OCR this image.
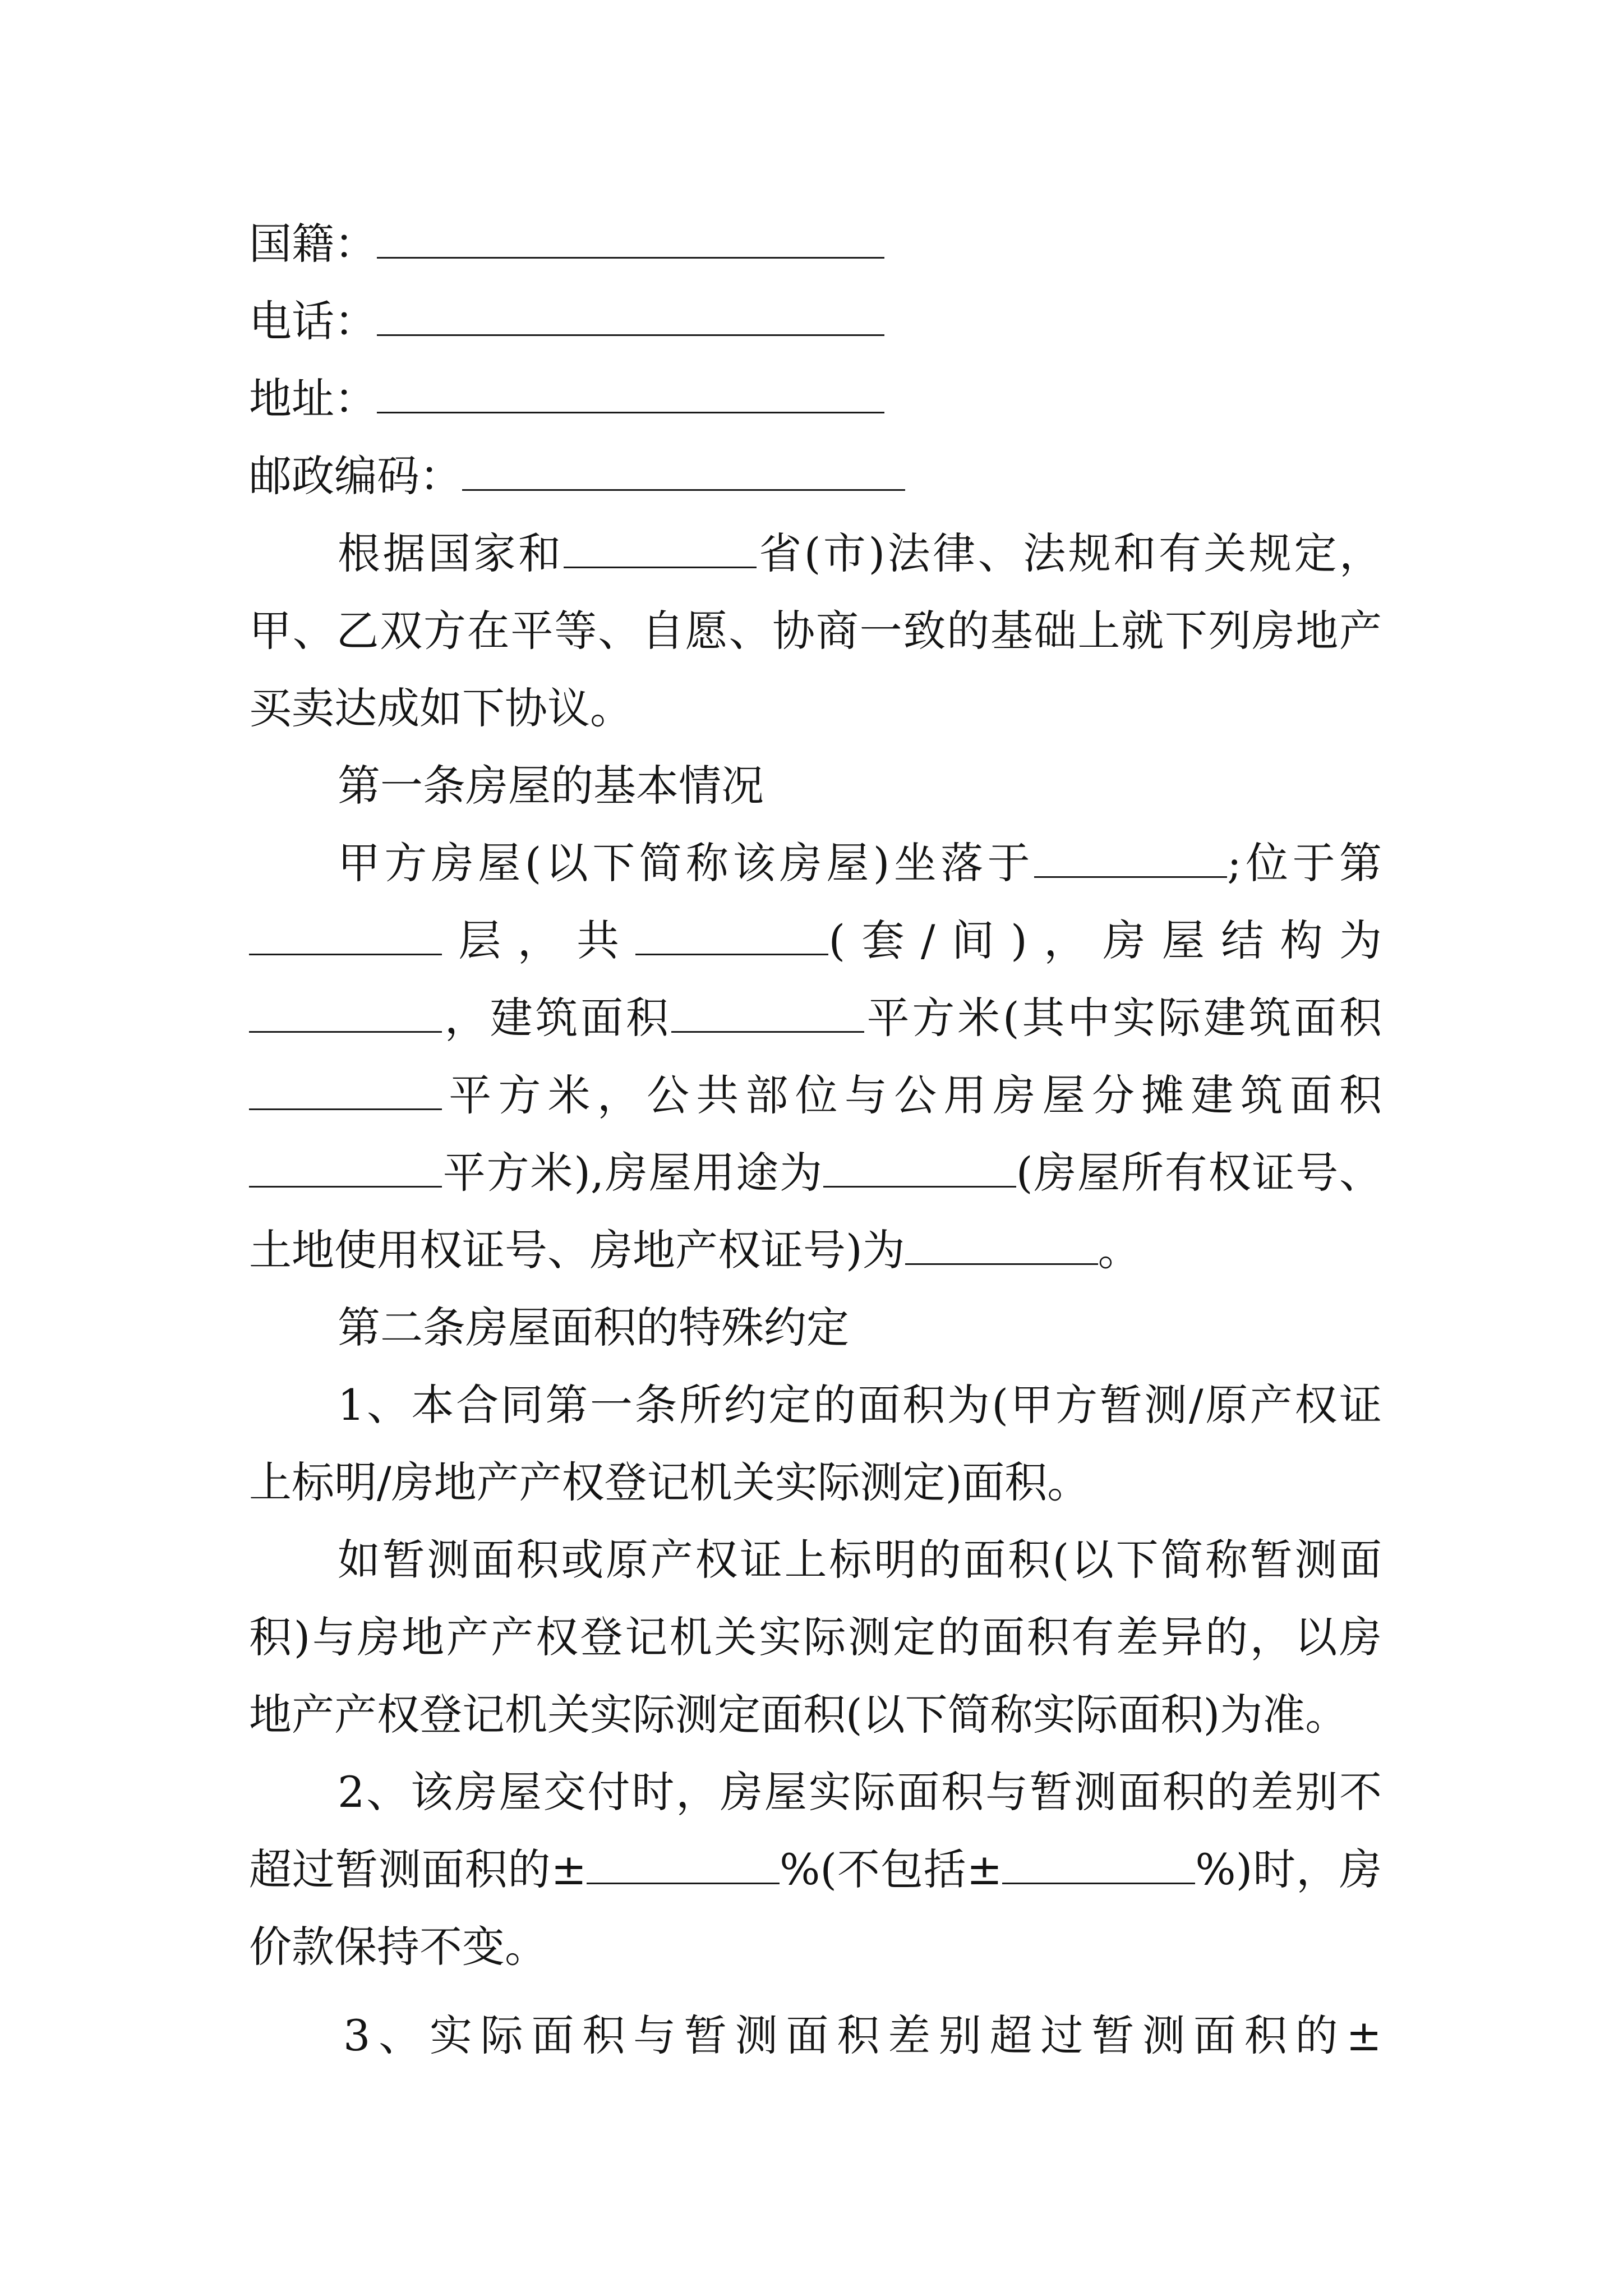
国籍：
电话：
地址：
邮政编码：
根据国家和	省(市)法律、法规和有关规定，
甲、乙双方在平等、自愿、协商一致的基础上就下列房地产
买卖达成如下协议。
第一条房屋的基本情况
甲方房屋(以下简称该房屋)坐落于	;位于第
层，共	(套/间)，房屋结构为
，建筑面积	平方米(其中实际建筑面积
平方米，公共部位与公用房屋分摊建筑面积
平方米),房屋用途为	(房屋所有权证号、
土地使用权证号、房地产权证号)为	。
第二条房屋面积的特殊约定
1、本合同第一条所约定的面积为(甲方暂测/原产权证
上标明/房地产产权登记机关实际测定)面积。
如暂测面积或原产权证上标明的面积(以下简称暂测面
积)与房地产产权登记机关实际测定的面积有差异的，以房
地产产权登记机关实际测定面积(以下简称实际面积)为准。
2、该房屋交付时，房屋实际面积与暂测面积的差别不
超过暂测面积的±	%(不包括±	%)时，房
价款保持不变。
3、实际面积与暂测面积差别超过暂测面积的±
